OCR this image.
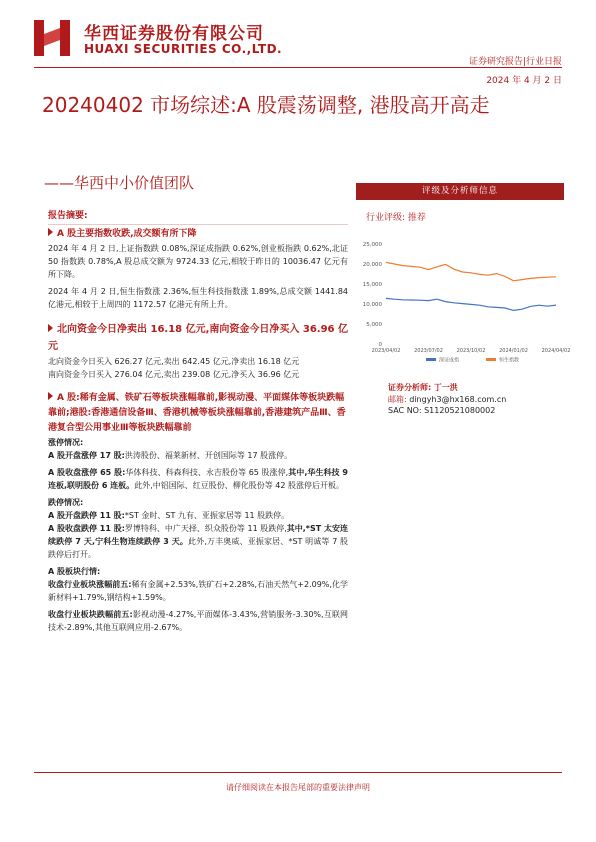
华西证券股份有限公司
HUAXI SECURITIES CO.,LTD.
证券研究报告|行业日报
2024 年 4 月 2 日
20240402 市场综述:A 股震荡调整, 港股高开高走
——华西中小价值团队	评级及分析师信息
行业评级: 推荐
25,000
20,000
15,000
10,000
5,000
0
2023/04/02	2023/07/02	2023/10/02	2024/01/02	2024/04/02
深证成指	恒生指数
证券分析师: 丁一洪
邮箱: dingyh3@hx168.com.cn
SAC NO: S1120521080002
报告摘要:
A 股主要指数收跌,成交额有所下降
2024 年 4 月 2 日,上证指数跌 0.08%,深证成指跌 0.62%,创业板指跌 0.62%,北证 50 指数跌 0.78%,A 股总成交额为 9724.33 亿元,相较于昨日的 10036.47 亿元有所下降。
2024 年 4 月 2 日,恒生指数涨 2.36%,恒生科技指数涨 1.89%,总成交额 1441.84 亿港元,相较于上周四的 1172.57 亿港元有所上升。
北向资金今日净卖出 16.18 亿元,南向资金今日净买入 36.96 亿元
北向资金今日买入 626.27 亿元,卖出 642.45 亿元,净卖出 16.18 亿元
南向资金今日买入 276.04 亿元,卖出 239.08 亿元,净买入 36.96 亿元
A 股:稀有金属、铁矿石等板块涨幅靠前,影视动漫、平面媒体等板块跌幅靠前;港股:香港通信设备Ⅲ、香港机械等板块涨幅靠前,香港建筑产品Ⅲ、香港复合型公用事业Ⅲ等板块跌幅靠前
涨停情况:
A 股开盘涨停 17 股:洪涛股份、福莱新材、开创国际等 17 股涨停。
A 股收盘涨停 65 股:华体科技、科森科技、永吉股份等 65 股涨停,其中,华生科技 9 连板,联明股份 6 连板。此外,中铝国际、红豆股份、柳化股份等 42 股涨停后开板。
跌停情况:
A 股开盘跌停 11 股:*ST 金时、ST 九有、亚振家居等 11 股跌停。
A 股收盘跌停 11 股:罗博特科、中广天择、织众股份等 11 股跌停,其中,*ST 太安连续跌停 7 天,宁科生物连续跌停 3 天。此外,万丰奥威、亚振家居、*ST 明诚等 7 股跌停后打开。
A 股板块行情:
收盘行业板块涨幅前五:稀有金属+2.53%,铁矿石+2.28%,石油天然气+2.09%,化学新材料+1.79%,钢结构+1.59%。
收盘行业板块跌幅前五:影视动漫-4.27%,平面媒体-3.43%,营销服务-3.30%,互联网技术-2.89%,其他互联网应用-2.67%。
请仔细阅读在本报告尾部的重要法律声明
